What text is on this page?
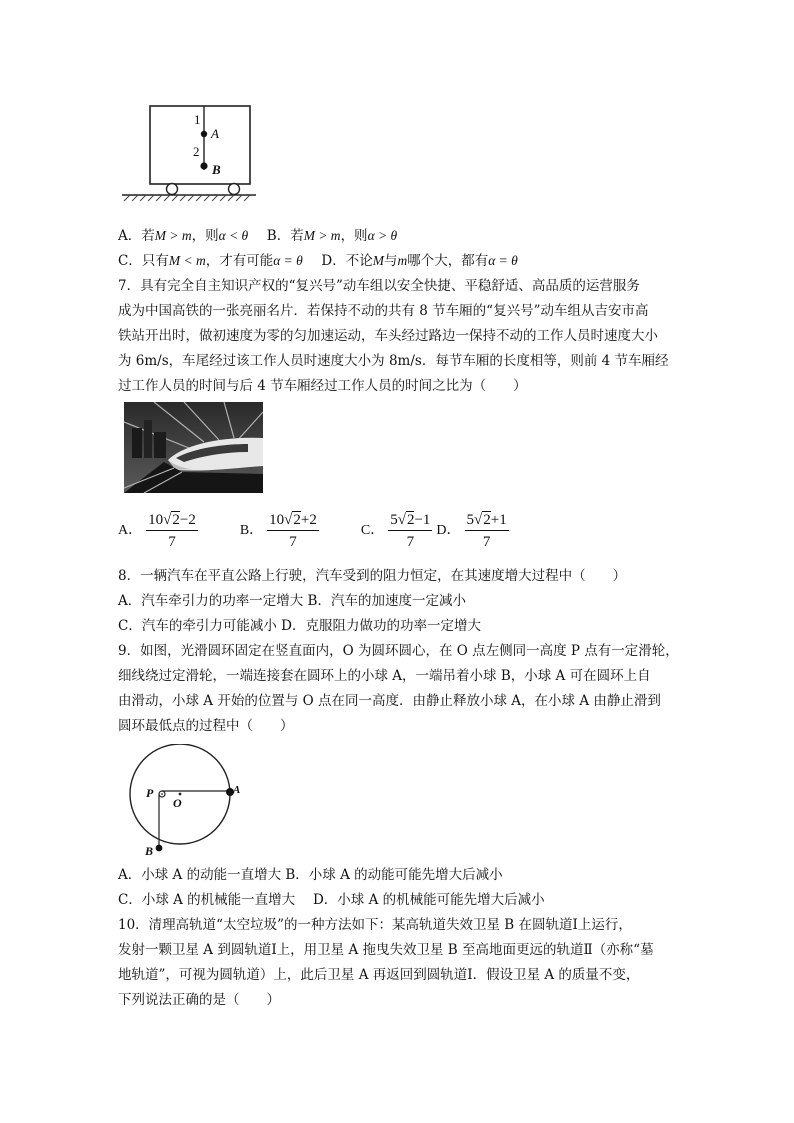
1
A
2
B
A．若M > m，则α < θ B．若M > m，则α > θ
C．只有M < m，才有可能α = θ D．不论M与m哪个大，都有α = θ
7．具有完全自主知识产权的“复兴号”动车组以安全快捷、平稳舒适、高品质的运营服务
成为中国高铁的一张亮丽名片．若保持不动的共有 8 节车厢的“复兴号”动车组从吉安市高
铁站开出时，做初速度为零的匀加速运动，车头经过路边一保持不动的工作人员时速度大小
为 6m/s，车尾经过该工作人员时速度大小为 8m/s．每节车厢的长度相等，则前 4 节车厢经
过工作人员的时间与后 4 节车厢经过工作人员的时间之比为（　　）
A． $\frac{10√2-2}{7}$	B． $\frac{10√2+2}{7}$	C． $\frac{5√2-1}{7}$ D． $\frac{5√2+1}{7}$
8．一辆汽车在平直公路上行驶，汽车受到的阻力恒定，在其速度增大过程中（　　）
A．汽车牵引力的功率一定增大 B．汽车的加速度一定减小
C．汽车的牵引力可能减小 D．克服阻力做功的功率一定增大
9．如图，光滑圆环固定在竖直面内，O 为圆环圆心，在 O 点左侧同一高度 P 点有一定滑轮，
细线绕过定滑轮，一端连接套在圆环上的小球 A，一端吊着小球 B，小球 A 可在圆环上自
由滑动，小球 A 开始的位置与 O 点在同一高度．由静止释放小球 A，在小球 A 由静止滑到
圆环最低点的过程中（　　）
P
O
A
B
A．小球 A 的动能一直增大 B．小球 A 的动能可能先增大后减小
C．小球 A 的机械能一直增大　 D．小球 A 的机械能可能先增大后减小
10．清理高轨道“太空垃圾”的一种方法如下：某高轨道失效卫星 B 在圆轨道Ⅰ上运行，
发射一颗卫星 A 到圆轨道Ⅰ上，用卫星 A 拖曳失效卫星 B 至高地面更远的轨道Ⅱ（亦称“墓
地轨道”，可视为圆轨道）上，此后卫星 A 再返回到圆轨道Ⅰ．假设卫星 A 的质量不变，
下列说法正确的是（　　）
